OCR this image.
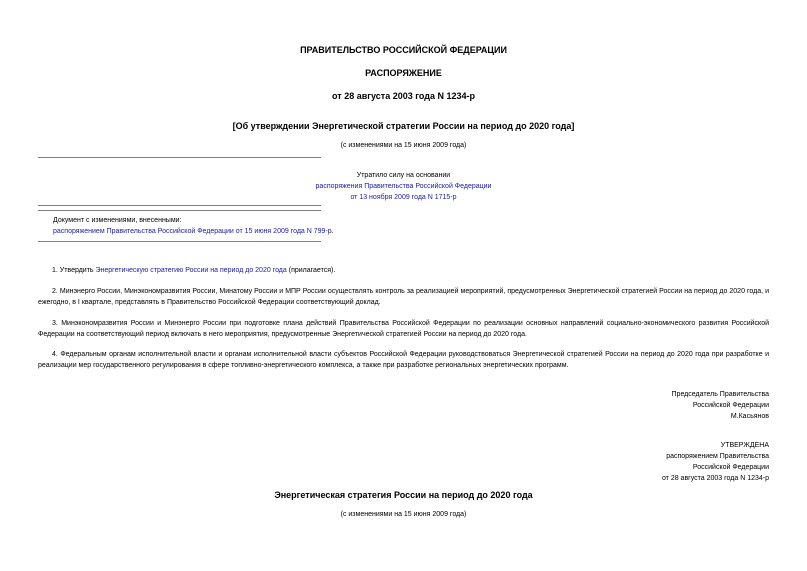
ПРАВИТЕЛЬСТВО РОССИЙСКОЙ ФЕДЕРАЦИИ
РАСПОРЯЖЕНИЕ
от 28 августа 2003 года N 1234-р
[Об утверждении Энергетической стратегии России на период до 2020 года]
(с изменениями на 15 июня 2009 года)
Утратило силу на основании
распоряжения Правительства Российской Федерации
от 13 ноября 2009 года N 1715-р
Документ с изменениями, внесенными:
распоряжением Правительства Российской Федерации от 15 июня 2009 года N 799-р.
1. Утвердить Энергетическую стратегию России на период до 2020 года (прилагается).
2. Минэнерго России, Минэкономразвития России, Минатому России и МПР России осуществлять контроль за реализацией мероприятий, предусмотренных Энергетической стратегией России на период до 2020 года, и ежегодно, в I квартале, представлять в Правительство Российской Федерации соответствующий доклад.
3. Минэкономразвития России и Минэнерго России при подготовке плана действий Правительства Российской Федерации по реализации основных направлений социально-экономического развития Российской Федерации на соответствующий период включать в него мероприятия, предусмотренные Энергетической стратегией России на период до 2020 года.
4. Федеральным органам исполнительной власти и органам исполнительной власти субъектов Российской Федерации руководствоваться Энергетической стратегией России на период до 2020 года при разработке и реализации мер государственного регулирования в сфере топливно-энергетического комплекса, а также при разработке региональных энергетических программ.
Председатель Правительства
Российской Федерации
М.Касьянов
УТВЕРЖДЕНА
распоряжением Правительства
Российской Федерации
от 28 августа 2003 года N 1234-р
Энергетическая стратегия России на период до 2020 года
(с изменениями на 15 июня 2009 года)
